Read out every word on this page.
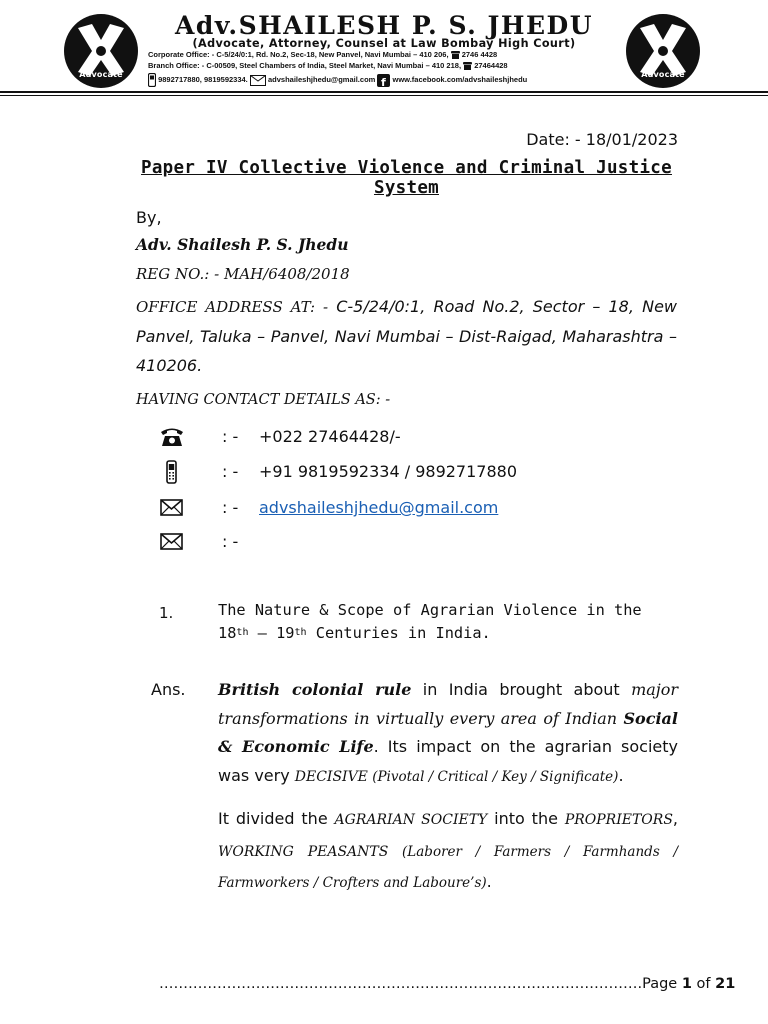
Advocate
Adv.SHAILESH P. S. JHEDU
(Advocate, Attorney, Counsel at Law Bombay High Court)
Corporate Office: - C-5/24/0:1, Rd. No.2, Sec-18, New Panvel, Navi Mumbai – 410 206, 2746 4428
Branch Office: - C-00509, Steel Chambers of India, Steel Market, Navi Mumbai – 410 218, 27464428
9892717880, 9819592334.	advshaileshjhedu@gmail.com f www.facebook.com/advshaileshjhedu
Advocate
Date: - 18/01/2023
Paper IV Collective Violence and Criminal Justice System
By,
Adv. Shailesh P. S. Jhedu
REG NO.: - MAH/6408/2018
OFFICE ADDRESS AT: - C-5/24/0:1, Road No.2, Sector – 18, New Panvel, Taluka – Panvel, Navi Mumbai – Dist-Raigad, Maharashtra – 410206.
HAVING CONTACT DETAILS AS: -
: - +022 27464428/-
: - +91 9819592334 / 9892717880
: - advshaileshjhedu@gmail.com
: -
1.	The Nature & Scope of Agrarian Violence in the 18th – 19th Centuries in India.
Ans. British colonial rule in India brought about major transformations in virtually every area of Indian Social & Economic Life. Its impact on the agrarian society was very DECISIVE (Pivotal / Critical / Key / Significate).
It divided the AGRARIAN SOCIETY into the PROPRIETORS, WORKING PEASANTS (Laborer / Farmers / Farmhands / Farmworkers / Crofters and Laboure’s).
……………………………………………………………………………………….Page 1 of 21
